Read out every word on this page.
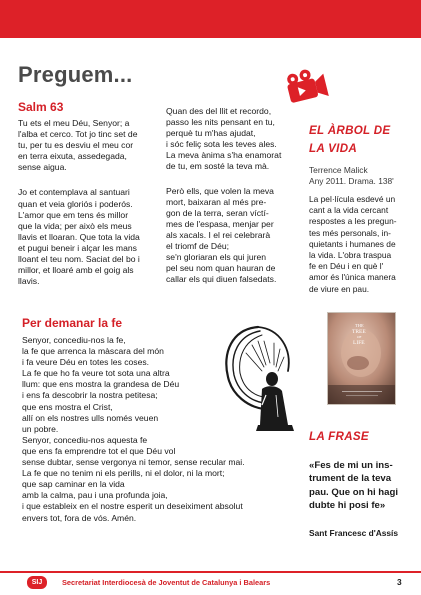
Preguem...
Salm 63

Tu ets el meu Déu, Senyor; a
l'alba et cerco. Tot jo tinc set de
tu, per tu es desviu el meu cor
en terra eixuta, assedegada,
sense aigua.

Jo et contemplava al santuari
quan et veia gloriós i poderós.
L'amor que em tens és millor
que la vida; per això els meus
llavis et lloaran. Que tota la vida
et pugui beneir i alçar les mans
lloant el teu nom. Saciat del bo i
millor, et lloaré amb el goig als
llavis.

Quan des del llit et recordo,
passo les nits pensant en tu,
perquè tu m'has ajudat,
i sóc feliç sota les teves ales.
La meva ànima s'ha enamorat
de tu, em sosté la teva mà.

Però ells, que volen la meva
mort, baixaran al més pre-
gon de la terra, seran víctí-
mes de l'espasa, menjar per
als xacals. I el rei celebrarà
el triomf de Déu;
se'n gloriaran els qui juren
pel seu nom quan hauran de
callar els qui diuen falsedats.

Per demanar la fe
Senyor, concediu-nos la fe,
la fe que arrenca la màscara del món
i fa veure Déu en totes les coses.
La fe que ho fa veure tot sota una altra
llum: que ens mostra la grandesa de Déu
i ens fa descobrir la nostra petitesa;
que ens mostra el Crist,
allí on els nostres ulls només veuen
un pobre.
Senyor, concediu-nos aquesta fe
que ens fa emprendre tot el que Déu vol
sense dubtar, sense vergonya ni temor, sense recular mai.
La fe que no tenim ni els perills, ni el dolor, ni la mort;
que sap caminar en la vida
amb la calma, pau i una profunda joia,
i que estableix en el nostre esperit un deseiximent absolut
envers tot, fora de vós. Amén.
EL ÀRBOL DE
LA VIDA

Terrence Malick
Any 2011. Drama. 138'

La pel·lícula esdevé un
cant a la vida cercant
respostes a les pregun-
tes més personals, in-
quietants i humanes de
la vida. L'obra traspua
fe en Déu i en què l'
amor és l'única manera
de viure en pau.

THE
TREE
OF
LIFE
LA FRASE

«Fes de mi un ins-
trument de la teva
pau. Que on hi hagi
dubte hi posi fe»

Sant Francesc d'Assís

SIJ	Secretariat Interdiocesà de Joventut de Catalunya i Balears	3
